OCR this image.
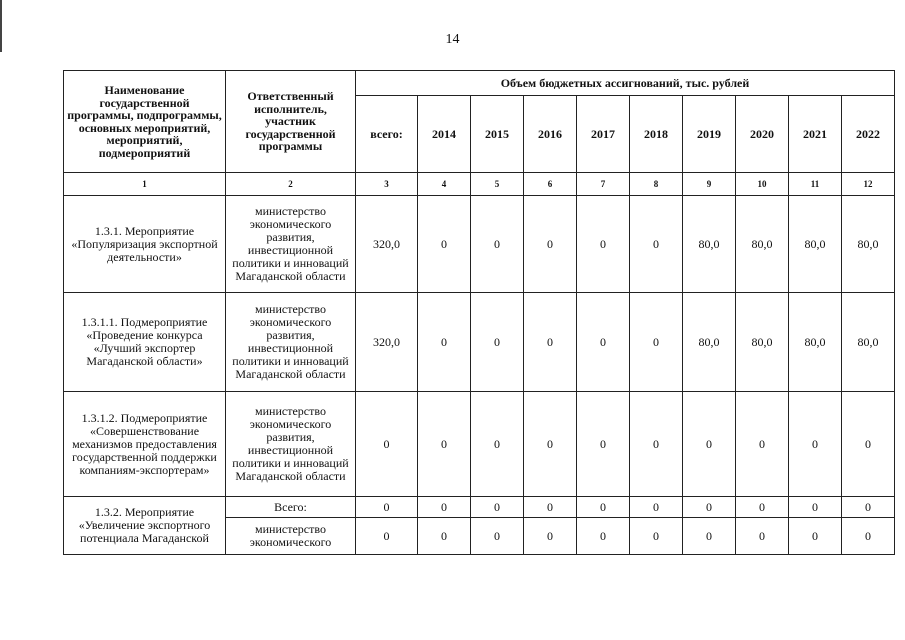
14
Наименование государственной программы, подпрограммы, основных мероприятий, мероприятий, подмероприятий	Ответственный исполнитель, участник государственной программы	Объем бюджетных ассигнований, тыс. рублей									
		всего:	2014	2015	2016	2017	2018	2019	2020	2021	2022
1	2	3	4	5	6	7	8	9	10	11	12
1.3.1. Мероприятие «Популяризация экспортной деятельности»	министерство экономического развития, инвестиционной политики и инноваций Магаданской области	320,0	0	0	0	0	0	80,0	80,0	80,0	80,0
1.3.1.1. Подмероприятие «Проведение конкурса «Лучший экспортер Магаданской области»	министерство экономического развития, инвестиционной политики и инноваций Магаданской области	320,0	0	0	0	0	0	80,0	80,0	80,0	80,0
1.3.1.2. Подмероприятие «Совершенствование механизмов предоставления государственной поддержки компаниям-экспортерам»	министерство экономического развития, инвестиционной политики и инноваций Магаданской области	0	0	0	0	0	0	0	0	0	0
1.3.2. Мероприятие «Увеличение экспортного потенциала Магаданской	Всего:	0	0	0	0	0	0	0	0	0	0
	министерство экономического	0	0	0	0	0	0	0	0	0	0
